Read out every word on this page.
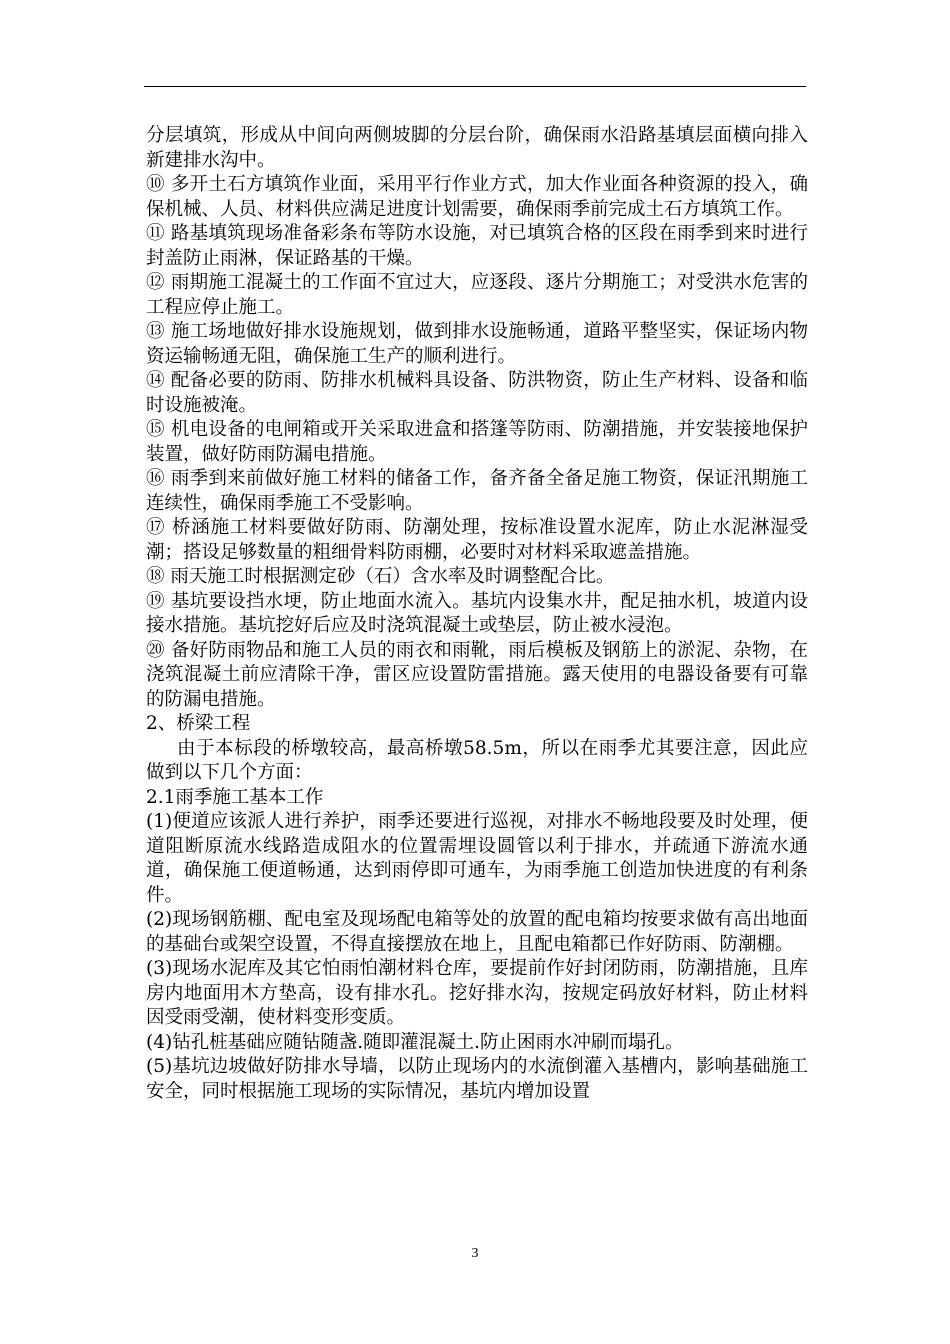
分层填筑，形成从中间向两侧坡脚的分层台阶，确保雨水沿路基填层面横向排入新建排水沟中。

⑩ 多开土石方填筑作业面，采用平行作业方式，加大作业面各种资源的投入，确保机械、人员、材料供应满足进度计划需要，确保雨季前完成土石方填筑工作。

⑪ 路基填筑现场准备彩条布等防水设施，对已填筑合格的区段在雨季到来时进行封盖防止雨淋，保证路基的干燥。

⑫ 雨期施工混凝土的工作面不宜过大，应逐段、逐片分期施工；对受洪水危害的工程应停止施工。

⑬ 施工场地做好排水设施规划，做到排水设施畅通，道路平整坚实，保证场内物资运输畅通无阻，确保施工生产的顺利进行。

⑭ 配备必要的防雨、防排水机械料具设备、防洪物资，防止生产材料、设备和临时设施被淹。

⑮ 机电设备的电闸箱或开关采取进盒和搭篷等防雨、防潮措施，并安装接地保护装置，做好防雨防漏电措施。

⑯ 雨季到来前做好施工材料的储备工作，备齐备全备足施工物资，保证汛期施工连续性，确保雨季施工不受影响。

⑰ 桥涵施工材料要做好防雨、防潮处理，按标准设置水泥库，防止水泥淋湿受潮；搭设足够数量的粗细骨料防雨棚，必要时对材料采取遮盖措施。

⑱ 雨天施工时根据测定砂（石）含水率及时调整配合比。

⑲ 基坑要设挡水埂，防止地面水流入。基坑内设集水井，配足抽水机，坡道内设接水措施。基坑挖好后应及时浇筑混凝土或垫层，防止被水浸泡。

⑳ 备好防雨物品和施工人员的雨衣和雨靴，雨后模板及钢筋上的淤泥、杂物，在浇筑混凝土前应清除干净，雷区应设置防雷措施。露天使用的电器设备要有可靠的防漏电措施。

2、桥梁工程

由于本标段的桥墩较高，最高桥墩58.5m，所以在雨季尤其要注意，因此应做到以下几个方面：

2.1雨季施工基本工作

(1)便道应该派人进行养护，雨季还要进行巡视，对排水不畅地段要及时处理，便道阻断原流水线路造成阻水的位置需埋设圆管以利于排水，并疏通下游流水通道，确保施工便道畅通，达到雨停即可通车，为雨季施工创造加快进度的有利条件。

(2)现场钢筋棚、配电室及现场配电箱等处的放置的配电箱均按要求做有高出地面的基础台或架空设置，不得直接摆放在地上，且配电箱都已作好防雨、防潮棚。

(3)现场水泥库及其它怕雨怕潮材料仓库，要提前作好封闭防雨，防潮措施，且库房内地面用木方垫高，设有排水孔。挖好排水沟，按规定码放好材料，防止材料因受雨受潮，使材料变形变质。

(4)钻孔桩基础应随钻随盏.随即灌混凝土.防止困雨水冲刷而塌孔。

(5)基坑边坡做好防排水导墙，以防止现场内的水流倒灌入基槽内，影响基础施工安全，同时根据施工现场的实际情况，基坑内增加设置

3
